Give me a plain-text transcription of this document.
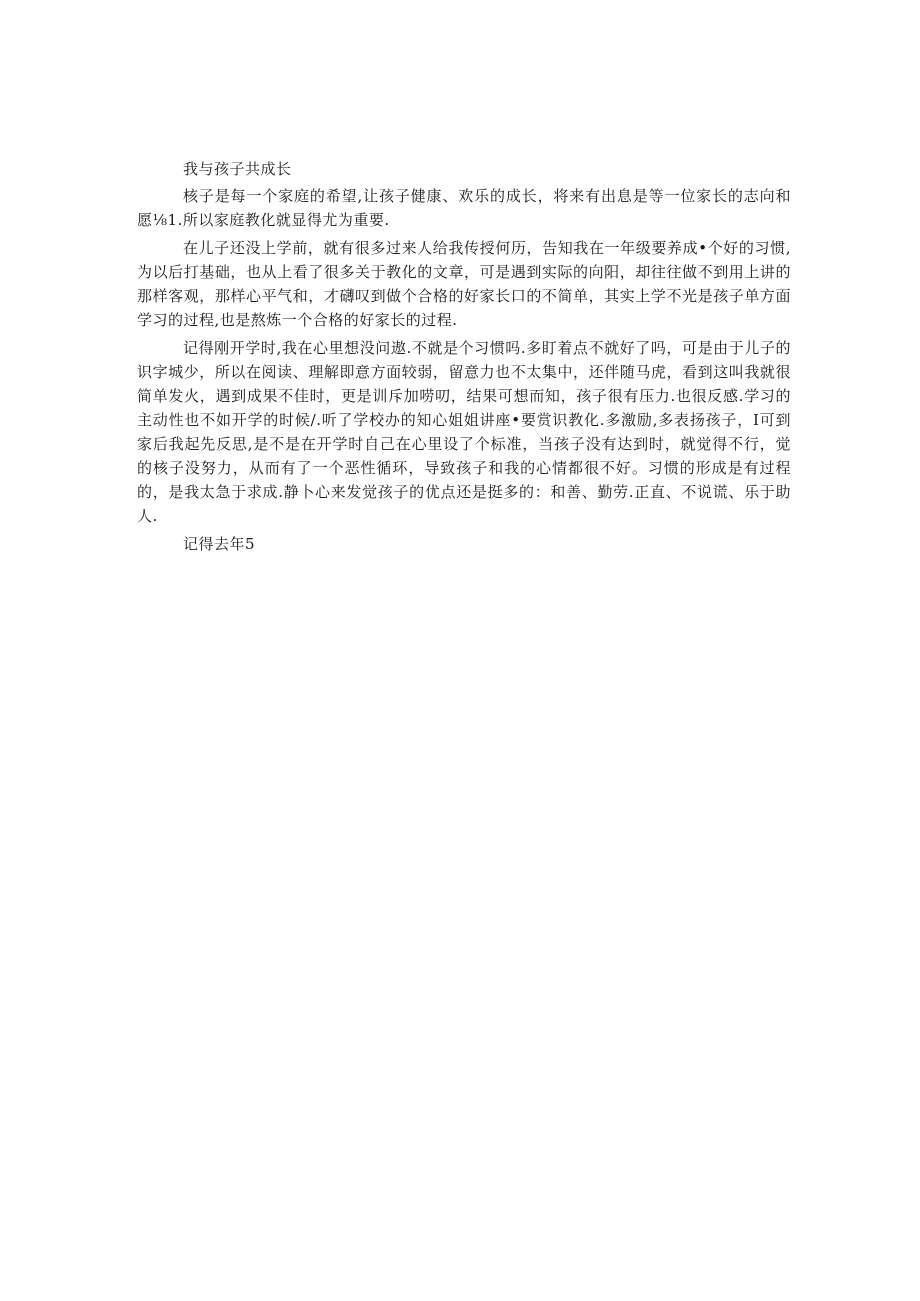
我与孩子共成长

核子是每一个家庭的希望,让孩子健康、欢乐的成长，将来有出息是等一位家长的志向和愿⅛1.所以家庭教化就显得尤为重要.

在儿子还没上学前，就有很多过来人给我传授何历，告知我在一年级要养成•个好的习惯,为以后打基础，也从上看了很多关于教化的文章，可是遇到实际的向阳，却往往做不到用上讲的那样客观，那样心平气和，才礴叹到做个合格的好家长口的不简单，其实上学不光是孩子单方面学习的过程,也是熬炼一个合格的好家长的过程.

记得刚开学时,我在心里想没问遨.不就是个习惯吗.多盯着点不就好了吗，可是由于儿子的识字城少，所以在阅读、理解即意方面较弱，留意力也不太集中，还伴随马虎，看到这叫我就很简单发火，遇到成果不佳时，更是训斥加唠叨，结果可想而知，孩子很有压力.也很反感.学习的主动性也不如开学的时候/.听了学校办的知心姐姐讲座•要赏识教化.多激励,多表扬孩子，I可到家后我起先反思,是不是在开学时自己在心里设了个标准，当孩子没有达到时，就觉得不行，觉的核子没努力，从而有了一个恶性循环，导致孩子和我的心情都很不好。习惯的形成是有过程的，是我太急于求成.静卜心来发觉孩子的优点还是挺多的：和善、勤劳.正直、不说谎、乐于助人.

记得去年5
